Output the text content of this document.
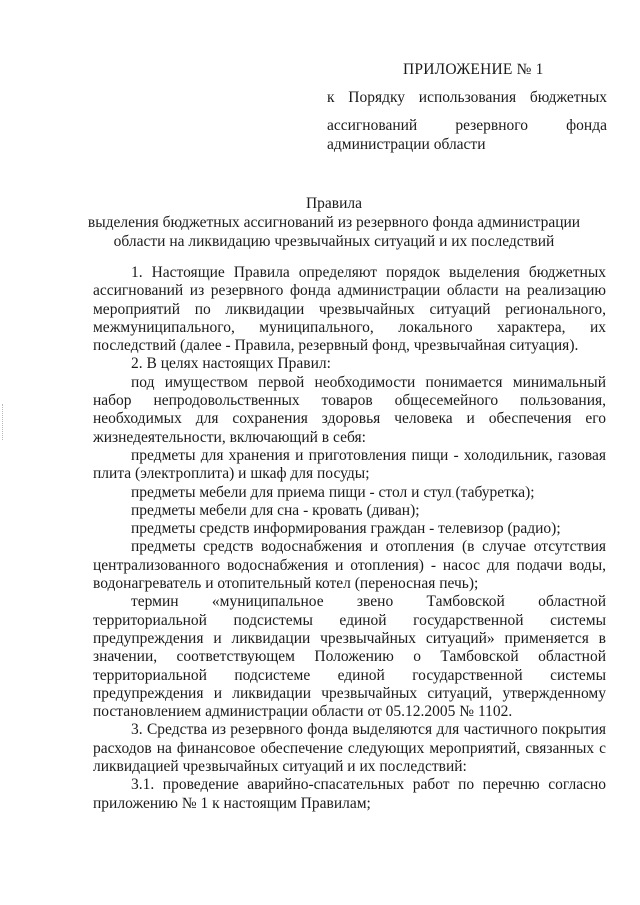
ПРИЛОЖЕНИЕ № 1
к Порядку использования бюджетных
ассигнований резервного фонда
администрации области
Правила
выделения бюджетных ассигнований из резервного фонда администрации
области на ликвидацию чрезвычайных ситуаций и их последствий

1. Настоящие Правила определяют порядок выделения бюджетных ассигнований из резервного фонда администрации области на реализацию мероприятий по ликвидации чрезвычайных ситуаций регионального, межмуниципального, муниципального, локального характера, их последствий (далее - Правила, резервный фонд, чрезвычайная ситуация).

2. В целях настоящих Правил:

под имуществом первой необходимости понимается минимальный набор непродовольственных товаров общесемейного пользования, необходимых для сохранения здоровья человека и обеспечения его жизнедеятельности, включающий в себя:

предметы для хранения и приготовления пищи - холодильник, газовая плита (электроплита) и шкаф для посуды;

предметы мебели для приема пищи - стол и стул (табуретка);

предметы мебели для сна - кровать (диван);

предметы средств информирования граждан - телевизор (радио);

предметы средств водоснабжения и отопления (в случае отсутствия централизованного водоснабжения и отопления) - насос для подачи воды, водонагреватель и отопительный котел (переносная печь);

термин «муниципальное звено Тамбовской областной территориальной подсистемы единой государственной системы предупреждения и ликвидации чрезвычайных ситуаций» применяется в значении, соответствующем Положению о Тамбовской областной территориальной подсистеме единой государственной системы предупреждения и ликвидации чрезвычайных ситуаций, утвержденному постановлением администрации области от 05.12.2005 № 1102.

3. Средства из резервного фонда выделяются для частичного покрытия расходов на финансовое обеспечение следующих мероприятий, связанных с ликвидацией чрезвычайных ситуаций и их последствий:

3.1. проведение аварийно-спасательных работ по перечню согласно приложению № 1 к настоящим Правилам;
